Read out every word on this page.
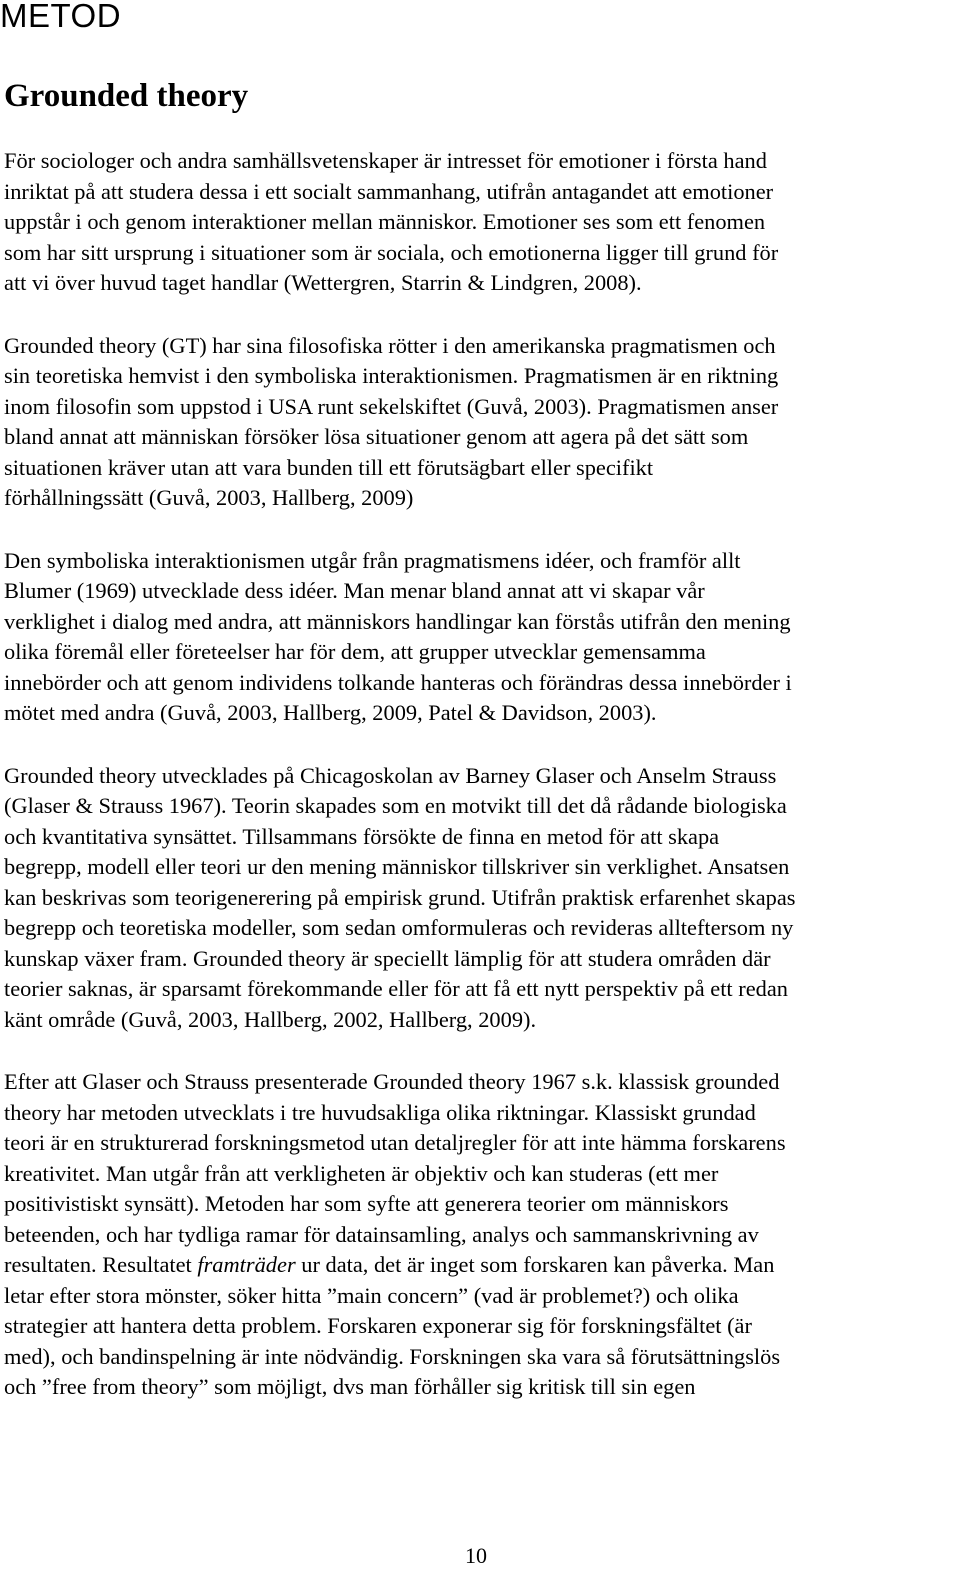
METOD
Grounded theory

För sociologer och andra samhällsvetenskaper är intresset för emotioner i första hand
inriktat på att studera dessa i ett socialt sammanhang, utifrån antagandet att emotioner
uppstår i och genom interaktioner mellan människor. Emotioner ses som ett fenomen
som har sitt ursprung i situationer som är sociala, och emotionerna ligger till grund för
att vi över huvud taget handlar (Wettergren, Starrin & Lindgren, 2008).

Grounded theory (GT) har sina filosofiska rötter i den amerikanska pragmatismen och
sin teoretiska hemvist i den symboliska interaktionismen. Pragmatismen är en riktning
inom filosofin som uppstod i USA runt sekelskiftet (Guvå, 2003). Pragmatismen anser
bland annat att människan försöker lösa situationer genom att agera på det sätt som
situationen kräver utan att vara bunden till ett förutsägbart eller specifikt
förhållningssätt (Guvå, 2003, Hallberg, 2009)

Den symboliska interaktionismen utgår från pragmatismens idéer, och framför allt
Blumer (1969) utvecklade dess idéer. Man menar bland annat att vi skapar vår
verklighet i dialog med andra, att människors handlingar kan förstås utifrån den mening
olika föremål eller företeelser har för dem, att grupper utvecklar gemensamma
innebörder och att genom individens tolkande hanteras och förändras dessa innebörder i
mötet med andra (Guvå, 2003, Hallberg, 2009, Patel & Davidson, 2003).

Grounded theory utvecklades på Chicagoskolan av Barney Glaser och Anselm Strauss
(Glaser & Strauss 1967). Teorin skapades som en motvikt till det då rådande biologiska
och kvantitativa synsättet. Tillsammans försökte de finna en metod för att skapa
begrepp, modell eller teori ur den mening människor tillskriver sin verklighet. Ansatsen
kan beskrivas som teorigenerering på empirisk grund. Utifrån praktisk erfarenhet skapas
begrepp och teoretiska modeller, som sedan omformuleras och revideras allteftersom ny
kunskap växer fram. Grounded theory är speciellt lämplig för att studera områden där
teorier saknas, är sparsamt förekommande eller för att få ett nytt perspektiv på ett redan
känt område (Guvå, 2003, Hallberg, 2002, Hallberg, 2009).

Efter att Glaser och Strauss presenterade Grounded theory 1967 s.k. klassisk grounded
theory har metoden utvecklats i tre huvudsakliga olika riktningar. Klassiskt grundad
teori är en strukturerad forskningsmetod utan detaljregler för att inte hämma forskarens
kreativitet. Man utgår från att verkligheten är objektiv och kan studeras (ett mer
positivistiskt synsätt). Metoden har som syfte att generera teorier om människors
beteenden, och har tydliga ramar för datainsamling, analys och sammanskrivning av
resultaten. Resultatet framträder ur data, det är inget som forskaren kan påverka. Man
letar efter stora mönster, söker hitta ”main concern” (vad är problemet?) och olika
strategier att hantera detta problem. Forskaren exponerar sig för forskningsfältet (är
med), och bandinspelning är inte nödvändig. Forskningen ska vara så förutsättningslös
och ”free from theory” som möjligt, dvs man förhåller sig kritisk till sin egen

10
